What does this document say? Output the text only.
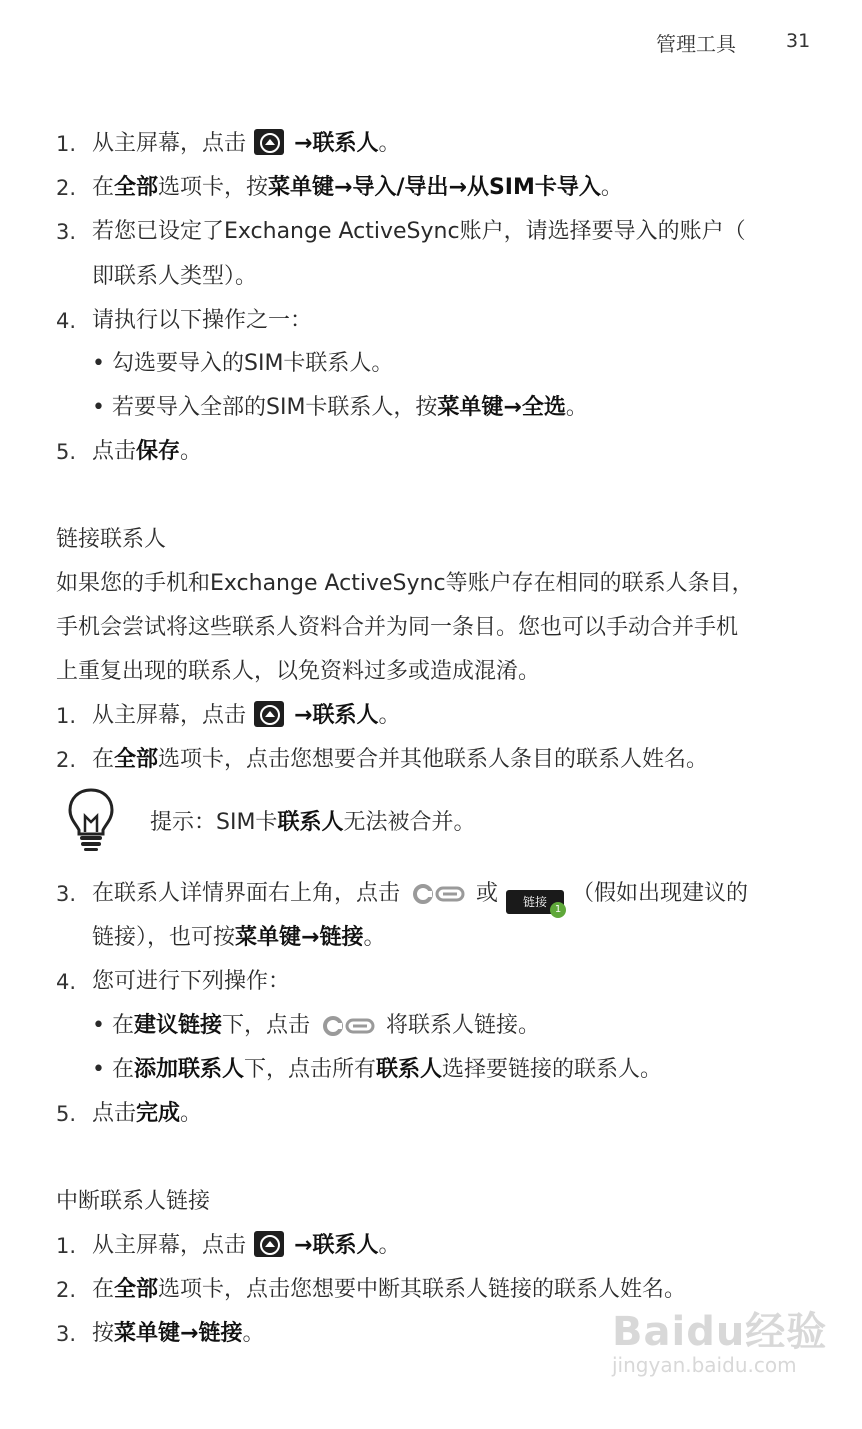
管理工具	31
1. 从主屏幕，点击 →联系人。
2. 在全部选项卡，按菜单键→导入/导出→从SIM卡导入。
3. 若您已设定了Exchange ActiveSync账户，请选择要导入的账户（
即联系人类型）。
4. 请执行以下操作之一：
• 勾选要导入的SIM卡联系人。
• 若要导入全部的SIM卡联系人，按菜单键→全选。
5. 点击保存。
链接联系人
如果您的手机和Exchange ActiveSync等账户存在相同的联系人条目，
手机会尝试将这些联系人资料合并为同一条目。您也可以手动合并手机
上重复出现的联系人，以免资料过多或造成混淆。
1. 从主屏幕，点击 →联系人。
2. 在全部选项卡，点击您想要合并其他联系人条目的联系人姓名。
提示：SIM卡联系人无法被合并。
3. 在联系人详情界面右上角，点击	或 链接
1
（假如出现建议的
链接），也可按菜单键→链接。
4. 您可进行下列操作：
• 在建议链接下，点击	将联系人链接。
• 在添加联系人下，点击所有联系人选择要链接的联系人。
5. 点击完成。
中断联系人链接
1. 从主屏幕，点击 →联系人。
2. 在全部选项卡，点击您想要中断其联系人链接的联系人姓名。
3. 按菜单键→链接。	Baidu经验
jingyan.baidu.com
